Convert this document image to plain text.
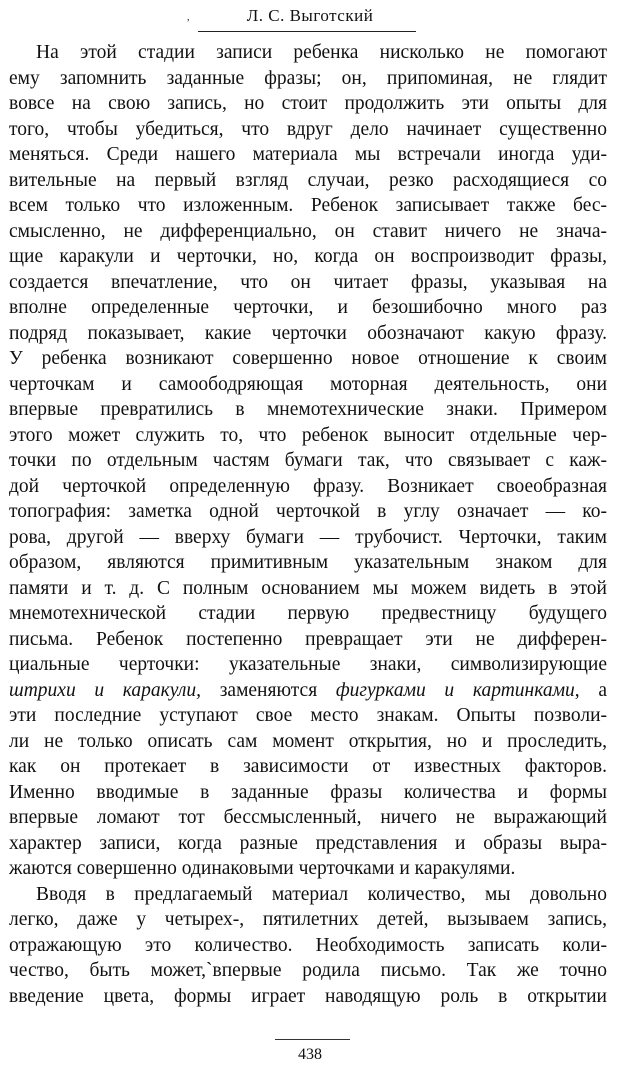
,	Л. С. Выготский
На этой стадии записи ребенка нисколько не помогают
ему запомнить заданные фразы; он, припоминая, не глядит
вовсе на свою запись, но стоит продолжить эти опыты для
того, чтобы убедиться, что вдруг дело начинает существенно
меняться. Среди нашего материала мы встречали иногда уди-
вительные на первый взгляд случаи, резко расходящиеся со
всем только что изложенным. Ребенок записывает также бес-
смысленно, не дифференциально, он ставит ничего не знача-
щие каракули и черточки, но, когда он воспроизводит фразы,
создается впечатление, что он читает фразы, указывая на
вполне определенные черточки, и безошибочно много раз
подряд показывает, какие черточки обозначают какую фразу.
У ребенка возникают совершенно новое отношение к своим
черточкам и самоободряющая моторная деятельность, они
впервые превратились в мнемотехнические знаки. Примером
этого может служить то, что ребенок выносит отдельные чер-
точки по отдельным частям бумаги так, что связывает с каж-
дой черточкой определенную фразу. Возникает своеобразная
топография: заметка одной черточкой в углу означает — ко-
рова, другой — вверху бумаги — трубочист. Черточки, таким
образом, являются примитивным указательным знаком для
памяти и т. д. С полным основанием мы можем видеть в этой
мнемотехнической стадии первую предвестницу будущего
письма. Ребенок постепенно превращает эти не дифферен-
циальные черточки: указательные знаки, символизирующие
штрихи и каракули, заменяются фигурками и картинками, а
эти последние уступают свое место знакам. Опыты позволи-
ли не только описать сам момент открытия, но и проследить,
как он протекает в зависимости от известных факторов.
Именно вводимые в заданные фразы количества и формы
впервые ломают тот бессмысленный, ничего не выражающий
характер записи, когда разные представления и образы выра-
жаются совершенно одинаковыми черточками и каракулями.
Вводя в предлагаемый материал количество, мы довольно
легко, даже у четырех-, пятилетних детей, вызываем запись,
отражающую это количество. Необходимость записать коли-
чество, быть может,`впервые родила письмо. Так же точно
введение цвета, формы играет наводящую роль в открытии
438
